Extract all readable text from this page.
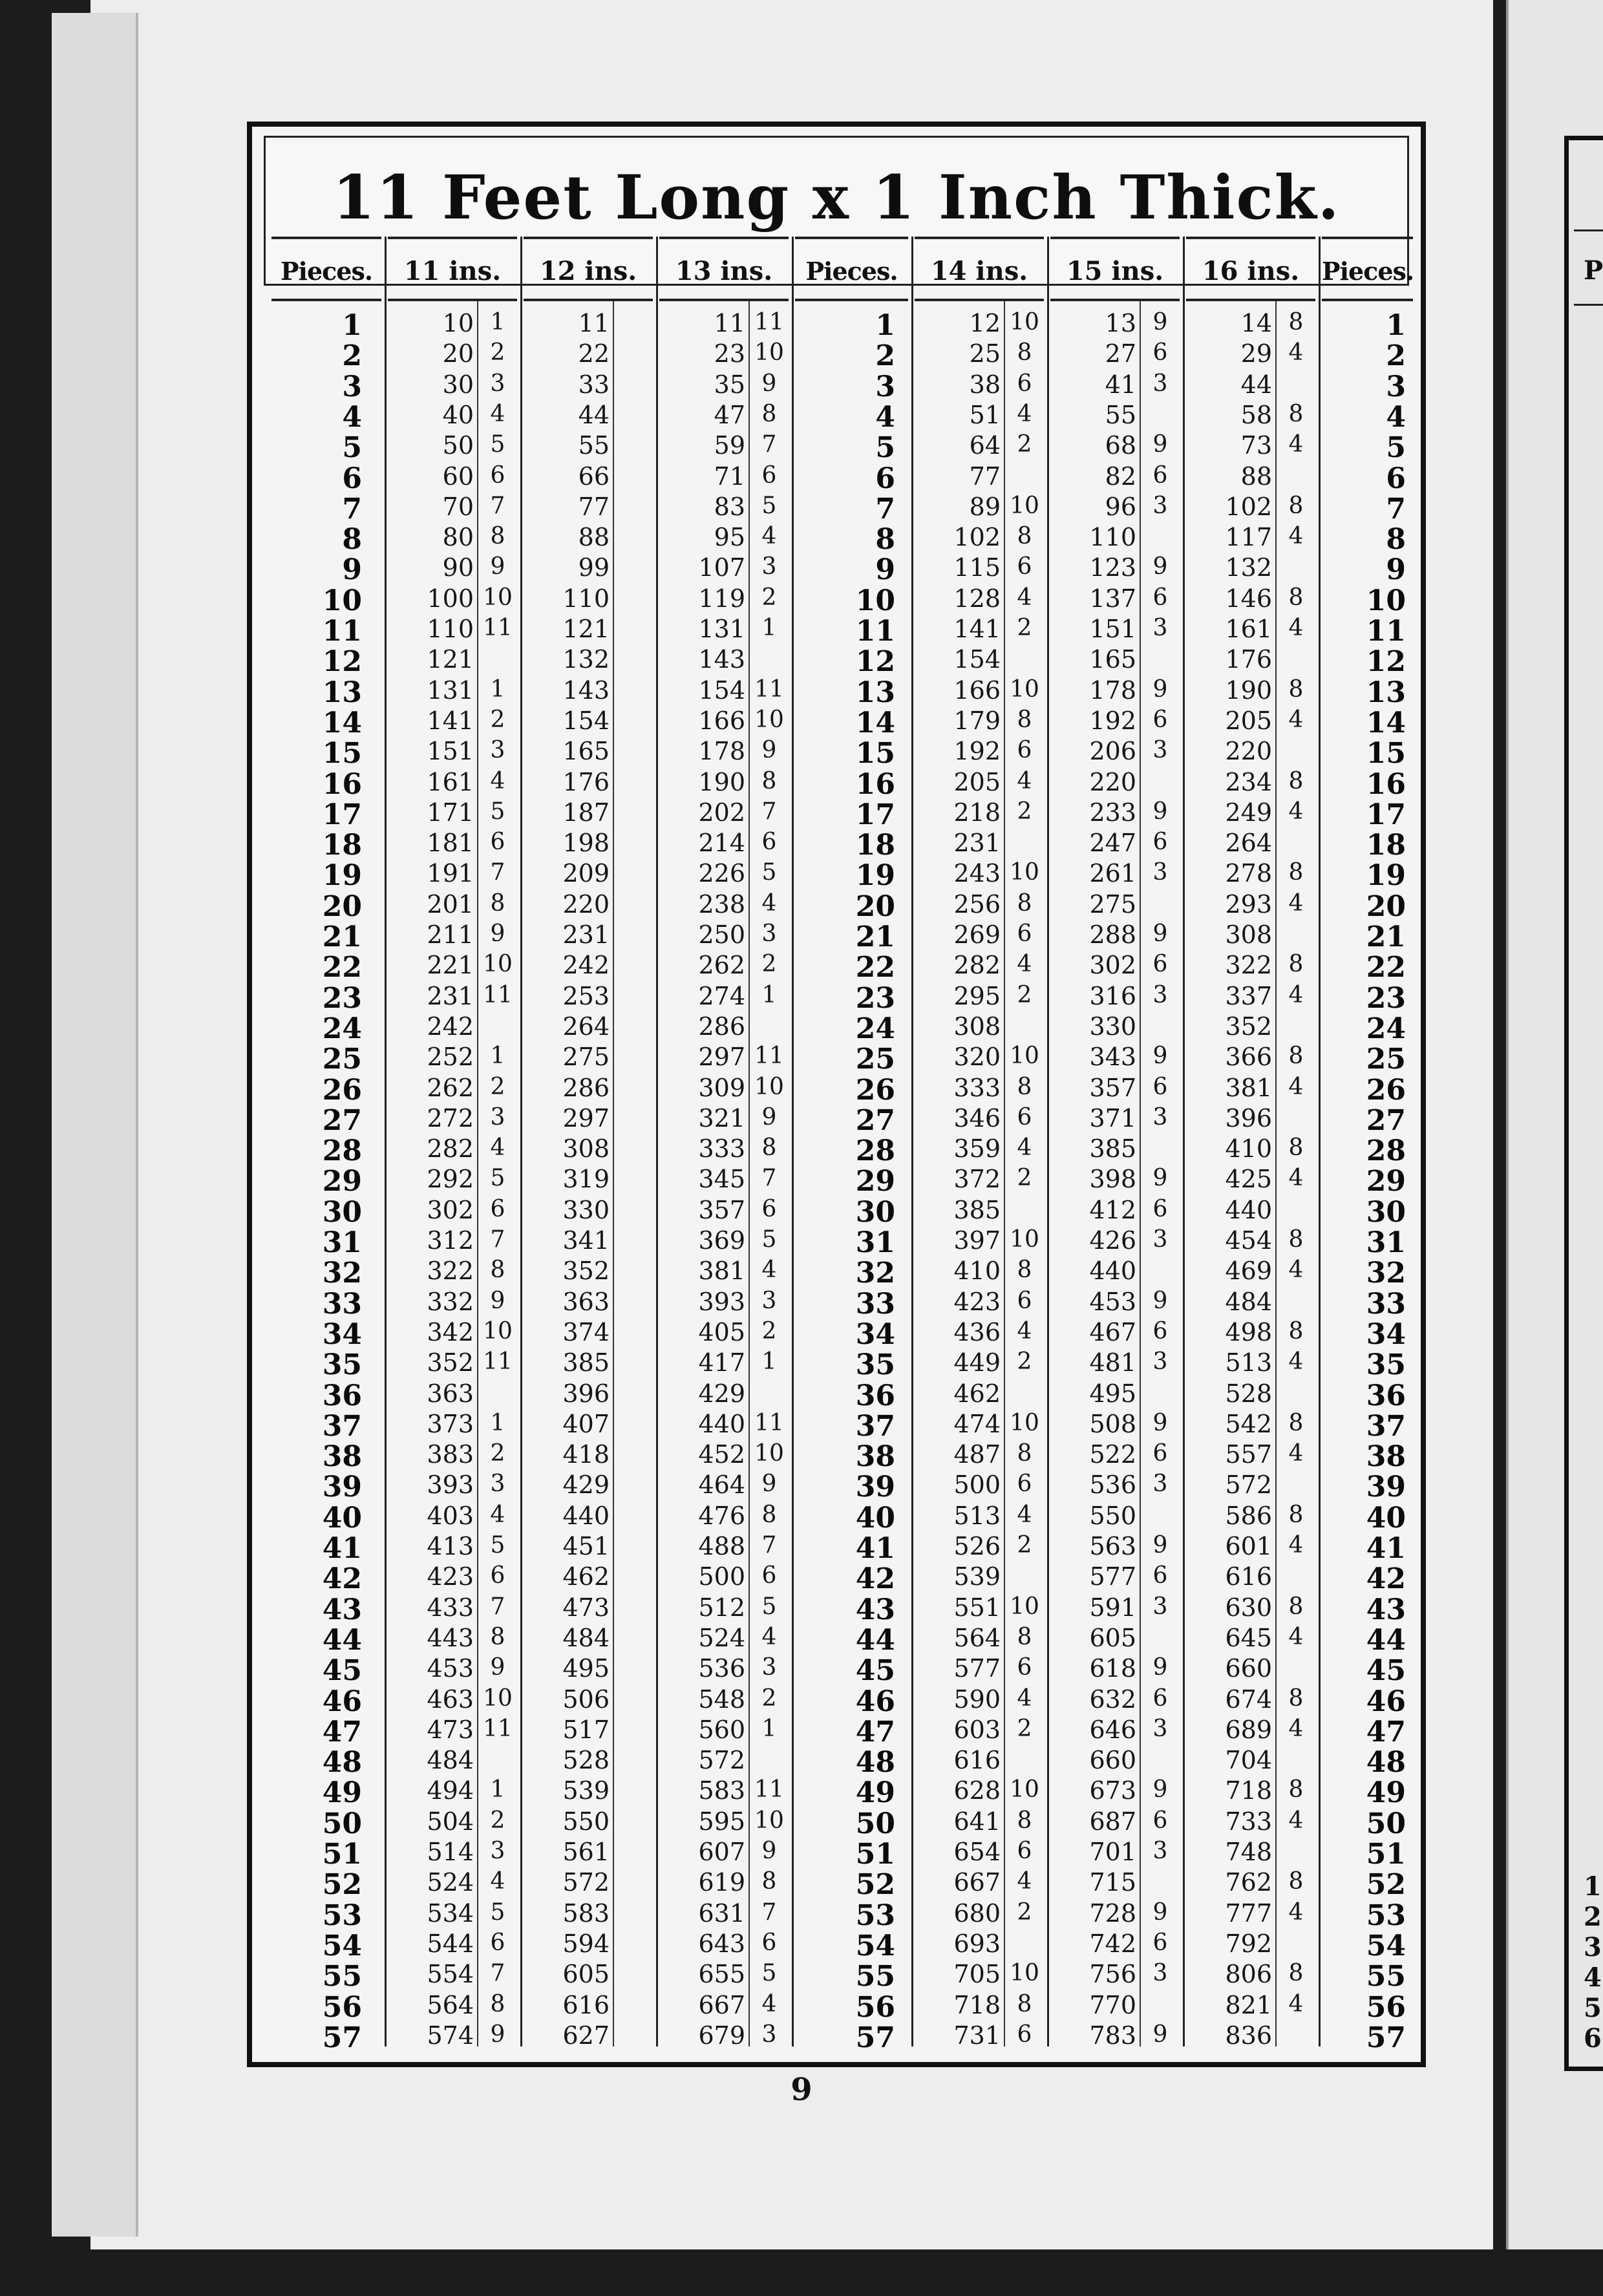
P
1
2
3
4
5
6
11 Feet Long x 1 Inch Thick.
Pieces.	11 ins.	12 ins.	13 ins.	Pieces.	14 ins.	15 ins.	16 ins. Pieces.
1	10 1	11	11 11	1	12 10	13 9	14 8	1
2	20 2	22	23 10	2	25 8	27 6	29 4	2
3	30 3	33	35 9	3	38 6	41 3	44	3
4	40 4	44	47 8	4	51 4	55	58 8	4
5	50 5	55	59 7	5	64 2	68 9	73 4	5
6	60 6	66	71 6	6	77	82 6	88	6
7	70 7	77	83 5	7	89 10	96 3	102 8	7
8	80 8	88	95 4	8	102 8	110	117 4	8
9	90 9	99	107 3	9	115 6	123 9	132	9
10	100 10	110	119 2	10	128 4	137 6	146 8	10
11	110 11	121	131 1	11	141 2	151 3	161 4	11
12	121	132	143	12	154	165	176	12
13	131 1	143	154 11	13	166 10	178 9	190 8	13
14	141 2	154	166 10	14	179 8	192 6	205 4	14
15	151 3	165	178 9	15	192 6	206 3	220	15
16	161 4	176	190 8	16	205 4	220	234 8	16
17	171 5	187	202 7	17	218 2	233 9	249 4	17
18	181 6	198	214 6	18	231	247 6	264	18
19	191 7	209	226 5	19	243 10	261 3	278 8	19
20	201 8	220	238 4	20	256 8	275	293 4	20
21	211 9	231	250 3	21	269 6	288 9	308	21
22	221 10	242	262 2	22	282 4	302 6	322 8	22
23	231 11	253	274 1	23	295 2	316 3	337 4	23
24	242	264	286	24	308	330	352	24
25	252 1	275	297 11	25	320 10	343 9	366 8	25
26	262 2	286	309 10	26	333 8	357 6	381 4	26
27	272 3	297	321 9	27	346 6	371 3	396	27
28	282 4	308	333 8	28	359 4	385	410 8	28
29	292 5	319	345 7	29	372 2	398 9	425 4	29
30	302 6	330	357 6	30	385	412 6	440	30
31	312 7	341	369 5	31	397 10	426 3	454 8	31
32	322 8	352	381 4	32	410 8	440	469 4	32
33	332 9	363	393 3	33	423 6	453 9	484	33
34	342 10	374	405 2	34	436 4	467 6	498 8	34
35	352 11	385	417 1	35	449 2	481 3	513 4	35
36	363	396	429	36	462	495	528	36
37	373 1	407	440 11	37	474 10	508 9	542 8	37
38	383 2	418	452 10	38	487 8	522 6	557 4	38
39	393 3	429	464 9	39	500 6	536 3	572	39
40	403 4	440	476 8	40	513 4	550	586 8	40
41	413 5	451	488 7	41	526 2	563 9	601 4	41
42	423 6	462	500 6	42	539	577 6	616	42
43	433 7	473	512 5	43	551 10	591 3	630 8	43
44	443 8	484	524 4	44	564 8	605	645 4	44
45	453 9	495	536 3	45	577 6	618 9	660	45
46	463 10	506	548 2	46	590 4	632 6	674 8	46
47	473 11	517	560 1	47	603 2	646 3	689 4	47
48	484	528	572	48	616	660	704	48
49	494 1	539	583 11	49	628 10	673 9	718 8	49
50	504 2	550	595 10	50	641 8	687 6	733 4	50
51	514 3	561	607 9	51	654 6	701 3	748	51
52	524 4	572	619 8	52	667 4	715	762 8	52
53	534 5	583	631 7	53	680 2	728 9	777 4	53
54	544 6	594	643 6	54	693	742 6	792	54
55	554 7	605	655 5	55	705 10	756 3	806 8	55
56	564 8	616	667 4	56	718 8	770	821 4	56
57	574 9	627	679 3	57	731 6	783 9	836	57
9
